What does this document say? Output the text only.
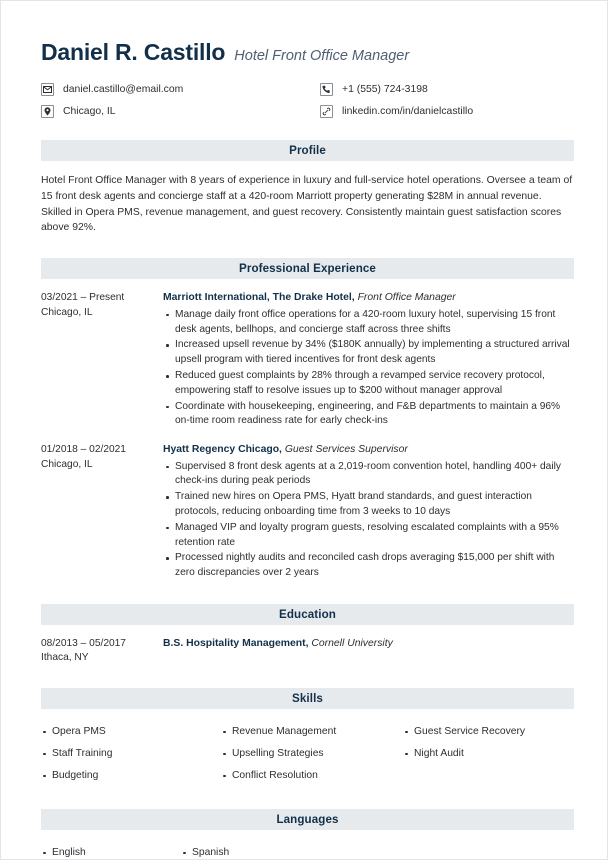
Daniel R. Castillo Hotel Front Office Manager
daniel.castillo@email.com	+1 (555) 724-3198
Chicago, IL	linkedin.com/in/danielcastillo
Profile
Hotel Front Office Manager with 8 years of experience in luxury and full-service hotel operations. Oversee a team of 15 front desk agents and concierge staff at a 420-room Marriott property generating $28M in annual revenue. Skilled in Opera PMS, revenue management, and guest recovery. Consistently maintain guest satisfaction scores above 92%.
Professional Experience
03/2021 – Present
Chicago, IL
Marriott International, The Drake Hotel, Front Office Manager
Manage daily front office operations for a 420-room luxury hotel, supervising 15 front desk agents, bellhops, and concierge staff across three shifts
Increased upsell revenue by 34% ($180K annually) by implementing a structured arrival upsell program with tiered incentives for front desk agents
Reduced guest complaints by 28% through a revamped service recovery protocol, empowering staff to resolve issues up to $200 without manager approval
Coordinate with housekeeping, engineering, and F&B departments to maintain a 96% on-time room readiness rate for early check-ins
01/2018 – 02/2021
Chicago, IL
Hyatt Regency Chicago, Guest Services Supervisor
Supervised 8 front desk agents at a 2,019-room convention hotel, handling 400+ daily check-ins during peak periods
Trained new hires on Opera PMS, Hyatt brand standards, and guest interaction protocols, reducing onboarding time from 3 weeks to 10 days
Managed VIP and loyalty program guests, resolving escalated complaints with a 95% retention rate
Processed nightly audits and reconciled cash drops averaging $15,000 per shift with zero discrepancies over 2 years
Education
08/2013 – 05/2017
Ithaca, NY
B.S. Hospitality Management, Cornell University
Skills
Opera PMS	Revenue Management	Guest Service Recovery
Staff Training	Upselling Strategies	Night Audit
Budgeting	Conflict Resolution
Languages
English	Spanish
